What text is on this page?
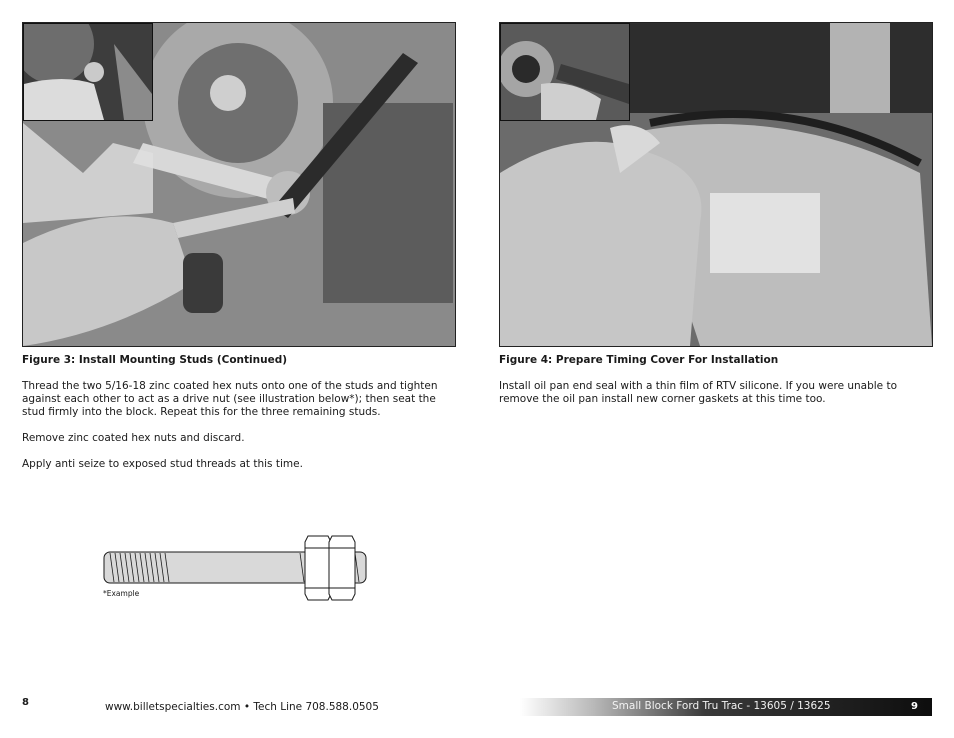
Figure 3: Install Mounting Studs (Continued)

Thread the two 5/16-18 zinc coated hex nuts onto one of the studs and tighten against each other to act as a drive nut (see illustration below*); then seat the stud firmly into the block. Repeat this for the three remaining studs.

Remove zinc coated hex nuts and discard.

Apply anti seize to exposed stud threads at this time.

*Example

Figure 4: Prepare Timing Cover For Installation

Install oil pan end seal with a thin film of RTV silicone. If you were unable to remove the oil pan install new corner gaskets at this time too.

8	www.billetspecialties.com • Tech Line 708.588.0505	Small Block Ford Tru Trac - 13605 / 13625	9
